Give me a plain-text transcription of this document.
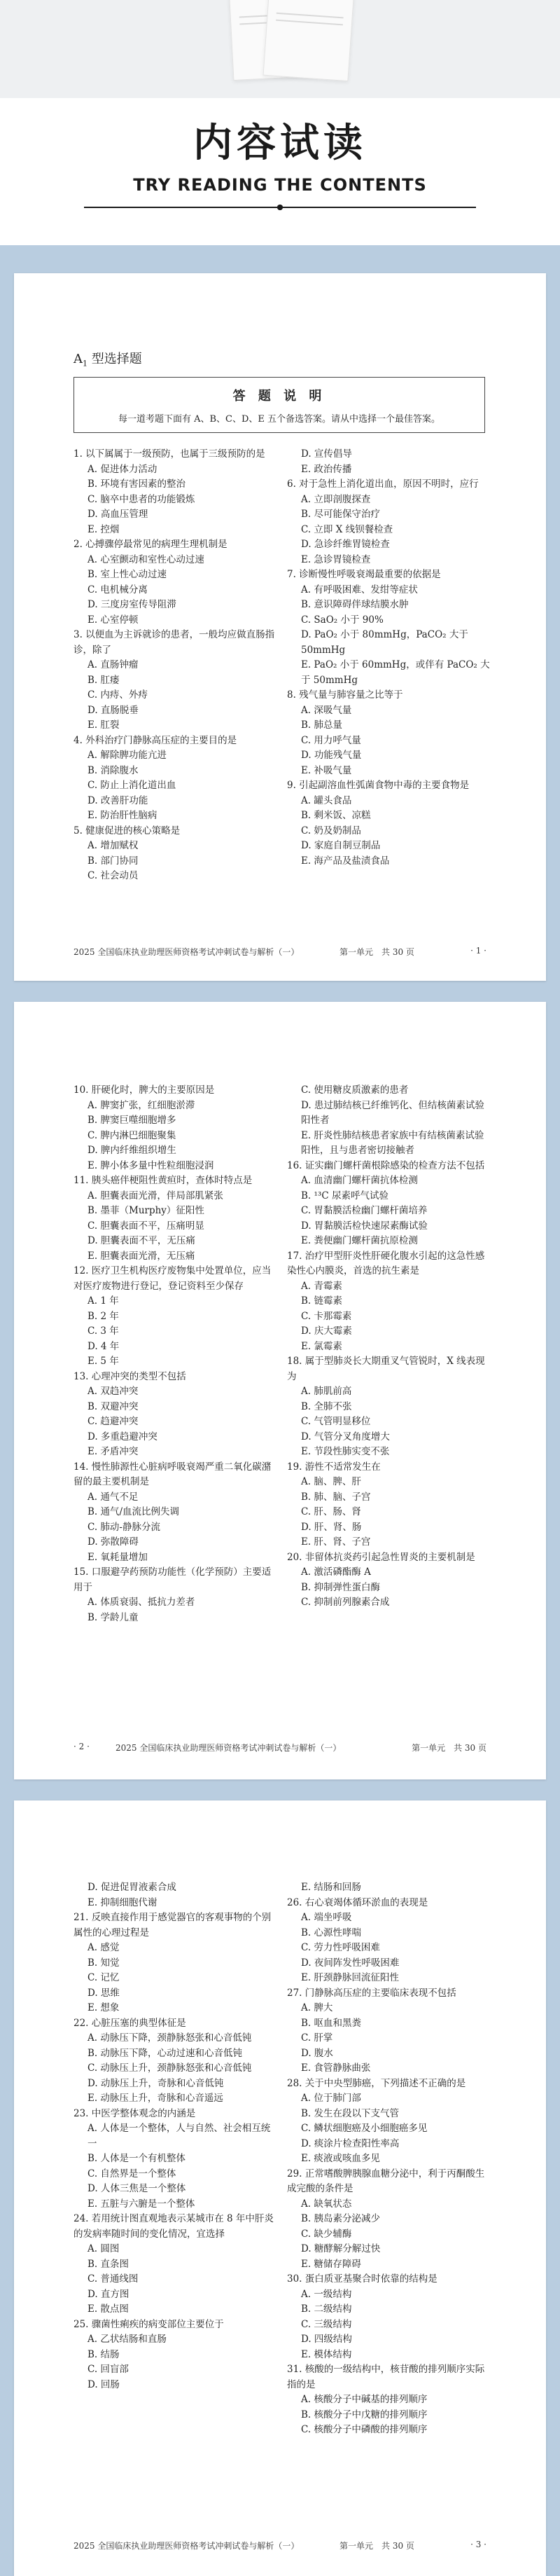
内容试读
TRY READING THE CONTENTS
$A_1$ 型选择题
答 题 说 明
每一道考题下面有 A、B、C、D、E 五个备选答案。请从中选择一个最佳答案。
1. 以下属属于一级预防，也属于三级预防的是
A. 促进体力活动
B. 环境有害因素的整治
C. 脑卒中患者的功能锻炼
D. 高血压管理
E. 控烟
2. 心搏骤停最常见的病理生理机制是
A. 心室颤动和室性心动过速
B. 室上性心动过速
C. 电机械分离
D. 三度房室传导阻滞
E. 心室停顿
3. 以便血为主诉就诊的患者，一般均应做直肠指诊，除了
A. 直肠钟瘤
B. 肛瘘
C. 内痔、外痔
D. 直肠脱垂
E. 肛裂
4. 外科治疗门静脉高压症的主要目的是
A. 解除脾功能亢进
B. 消除腹水
C. 防止上消化道出血
D. 改善肝功能
E. 防治肝性脑病
5. 健康促进的核心策略是
A. 增加赋权
B. 部门协同
C. 社会动员
D. 宣传倡导
E. 政治传播
6. 对于急性上消化道出血，原因不明时，应行
A. 立即剖腹探查
B. 尽可能保守治疗
C. 立即 X 线钡餐检查
D. 急诊纤维胃镜检查
E. 急诊胃镜检查
7. 诊断慢性呼吸衰竭最重要的依据是
A. 有呼吸困难、发绀等症状
B. 意识障碍伴球结膜水肿
C. SaO₂ 小于 90%
D. PaO₂ 小于 80mmHg，PaCO₂ 大于 50mmHg
E. PaO₂ 小于 60mmHg，或伴有 PaCO₂ 大于 50mmHg
8. 残气量与肺容量之比等于
A. 深吸气量
B. 肺总量
C. 用力呼气量
D. 功能残气量
E. 补吸气量
9. 引起副溶血性弧菌食物中毒的主要食物是
A. 罐头食品
B. 剩米饭、凉糕
C. 奶及奶制品
D. 家庭自制豆制品
E. 海产品及盐渍食品
2025 全国临床执业助理医师资格考试冲刺试卷与解析（一）	第一单元　共 30 页	· 1 ·
10. 肝硬化时，脾大的主要原因是
A. 脾窦扩张，红细胞淤滞
B. 脾窦巨噬细胞增多
C. 脾内淋巴细胞聚集
D. 脾内纤维组织增生
E. 脾小体多量中性粒细胞浸润
11. 胰头癌伴梗阻性黄疸时，查体时特点是
A. 胆囊表面光滑，伴局部肌紧张
B. 墨菲（Murphy）征阳性
C. 胆囊表面不平，压痛明显
D. 胆囊表面不平，无压痛
E. 胆囊表面光滑，无压痛
12. 医疗卫生机构医疗废物集中处置单位，应当对医疗废物进行登记，登记资料至少保存
A. 1 年
B. 2 年
C. 3 年
D. 4 年
E. 5 年
13. 心理冲突的类型不包括
A. 双趋冲突
B. 双避冲突
C. 趋避冲突
D. 多重趋避冲突
E. 矛盾冲突
14. 慢性肺源性心脏病呼吸衰竭严重二氧化碳潴留的最主要机制是
A. 通气不足
B. 通气/血流比例失调
C. 肺动-静脉分流
D. 弥散障碍
E. 氧耗量增加
15. 口服避孕药预防功能性（化学预防）主要适用于
A. 体质衰弱、抵抗力差者
B. 学龄儿童
C. 使用糖皮质激素的患者
D. 患过肺结核已纤维钙化、但结核菌素试验阳性者
E. 肝炎性肺结核患者家族中有结核菌素试验阳性，且与患者密切接触者
16. 证实幽门螺杆菌根除感染的检查方法不包括
A. 血清幽门螺杆菌抗体检测
B. ¹³C 尿素呼气试验
C. 胃黏膜活检幽门螺杆菌培养
D. 胃黏膜活检快速尿素酶试验
E. 粪便幽门螺杆菌抗原检测
17. 治疗甲型肝炎性肝硬化腹水引起的这急性感染性心内膜炎，首选的抗生素是
A. 青霉素
B. 链霉素
C. 卡那霉素
D. 庆大霉素
E. 氯霉素
18. 属于型肺炎长大期重叉气管锐时，X 线表现为
A. 肺肌前高
B. 全肺不张
C. 气管明显移位
D. 气管分叉角度增大
E. 节段性肺实变不张
19. 游性不适常发生在
A. 脑、脾、肝
B. 肺、脑、子宫
C. 肝、肠、肾
D. 肝、肾、肠
E. 肝、肾、子宫
20. 非留体抗炎药引起急性胃炎的主要机制是
A. 激活磷酯酶 A
B. 抑制弹性蛋白酶
C. 抑制前列腺素合成
· 2 ·	2025 全国临床执业助理医师资格考试冲刺试卷与解析（一）	第一单元　共 30 页
D. 促进促胃液素合成
E. 抑制细胞代谢
21. 反映直接作用于感觉器官的客观事物的个别属性的心理过程是
A. 感觉
B. 知觉
C. 记忆
D. 思维
E. 想象
22. 心脏压塞的典型体征是
A. 动脉压下降，颈静脉怒张和心音低钝
B. 动脉压下降，心动过速和心音低钝
C. 动脉压上升，颈静脉怒张和心音低钝
D. 动脉压上升，奇脉和心音低钝
E. 动脉压上升，奇脉和心音遥远
23. 中医学整体观念的内涵是
A. 人体是一个整体，人与自然、社会相互统一
B. 人体是一个有机整体
C. 自然界是一个整体
D. 人体三焦是一个整体
E. 五脏与六腑是一个整体
24. 若用统计图直观地表示某城市在 8 年中肝炎的发病率随时间的变化情况，宜选择
A. 圆图
B. 直条图
C. 普通线图
D. 直方图
E. 散点图
25. 骤菌性痢疾的病变部位主要位于
A. 乙状结肠和直肠
B. 结肠
C. 回盲部
D. 回肠
E. 结肠和回肠
26. 右心衰竭体循环淤血的表现是
A. 端坐呼吸
B. 心源性哮喘
C. 劳力性呼吸困难
D. 夜间阵发性呼吸困难
E. 肝颈静脉回流征阳性
27. 门静脉高压症的主要临床表现不包括
A. 脾大
B. 呕血和黑粪
C. 肝掌
D. 腹水
E. 食管静脉曲张
28. 关于中央型肺癌，下列描述不正确的是
A. 位于肺门部
B. 发生在段以下支气管
C. 鳞状细胞癌及小细胞癌多见
D. 痰涂片检查阳性率高
E. 痰液或咳血多见
29. 正常嗜酸脾胰腺血糖分泌中，利于丙酮酸生成完酸的条件是
A. 缺氧状态
B. 胰岛素分泌减少
C. 缺少辅酶
D. 糖酵解分解过快
E. 糖储存障碍
30. 蛋白质亚基聚合时依靠的结构是
A. 一级结构
B. 二级结构
C. 三级结构
D. 四级结构
E. 模体结构
31. 核酸的一级结构中，核苷酸的排列顺序实际指的是
A. 核酸分子中碱基的排列顺序
B. 核酸分子中戊糖的排列顺序
C. 核酸分子中磷酸的排列顺序
2025 全国临床执业助理医师资格考试冲刺试卷与解析（一）	第一单元　共 30 页	· 3 ·
